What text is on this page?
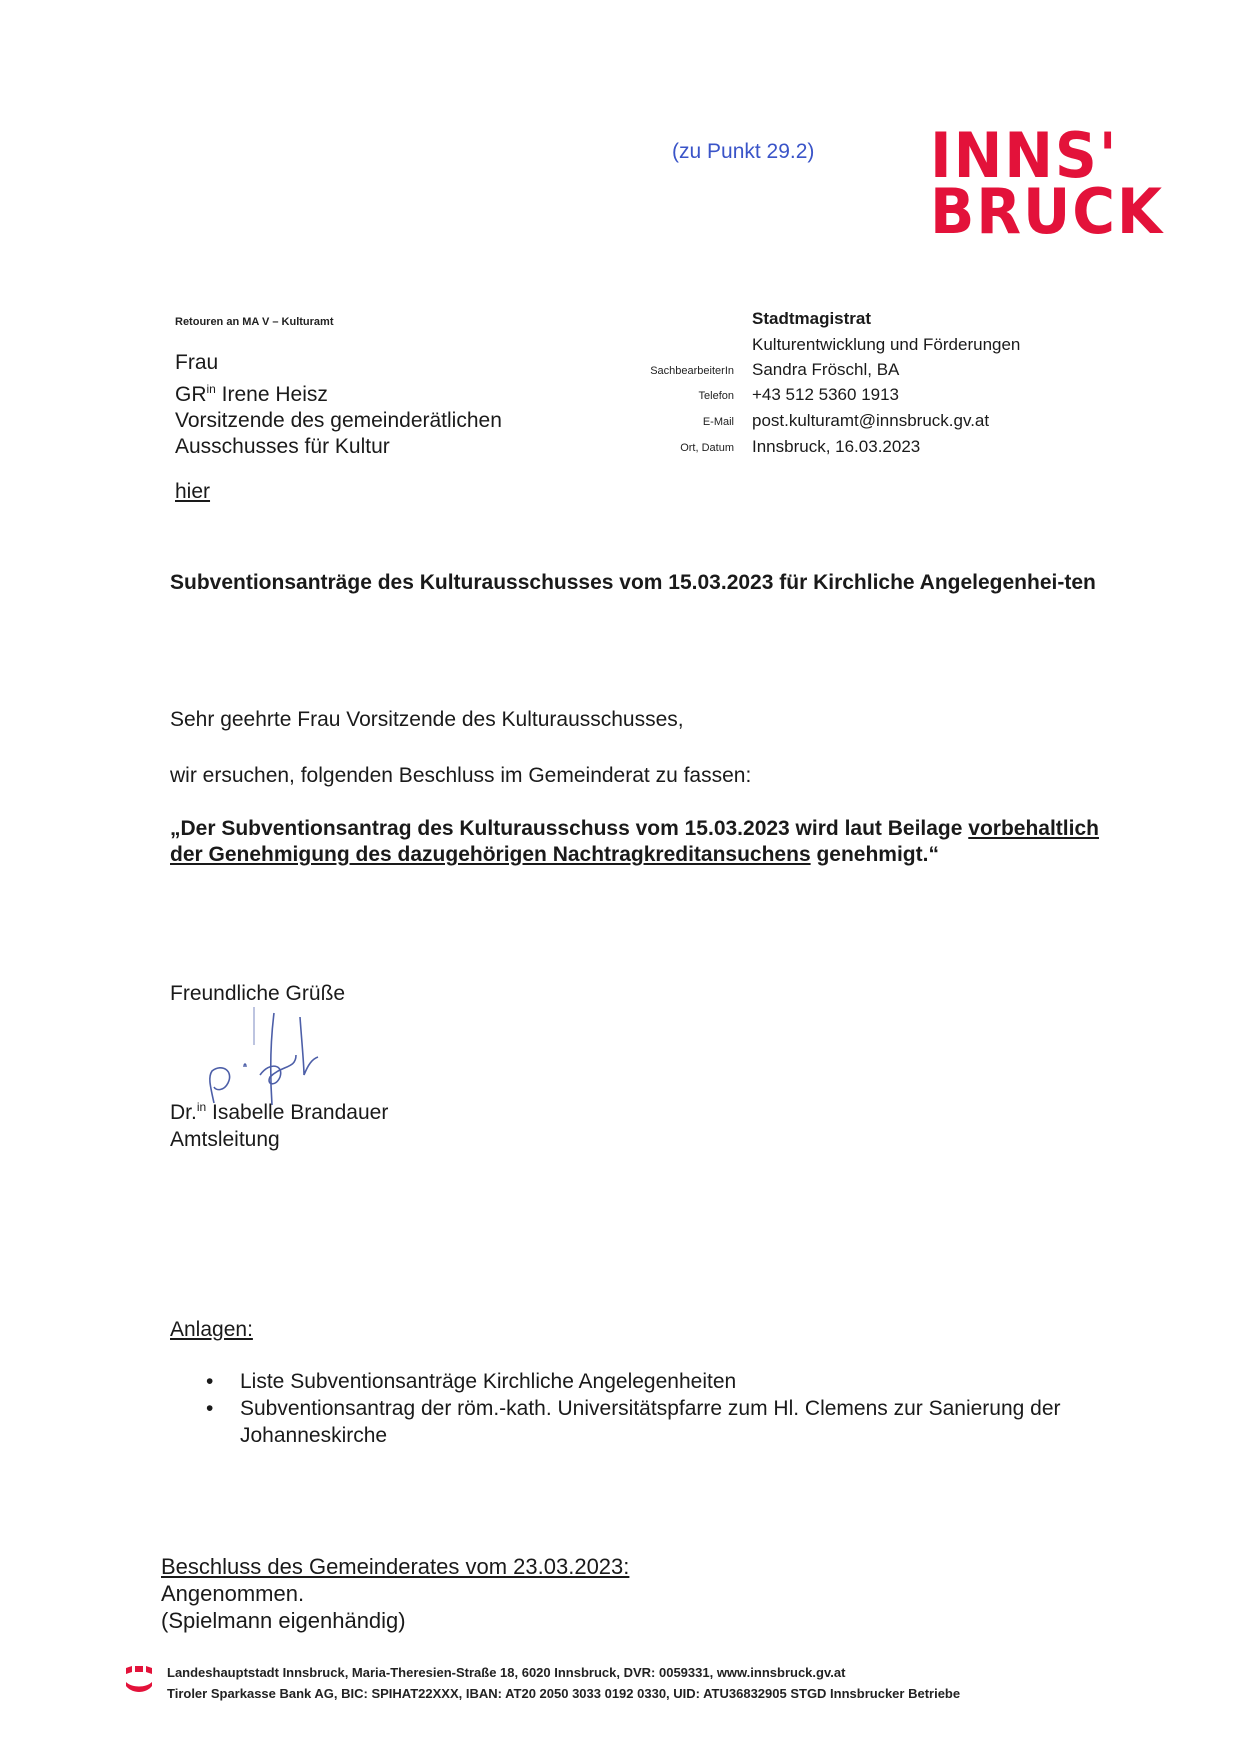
(zu Punkt 29.2) INNS'
BRUCK
Retouren an MA V – Kulturamt
Frau
$GR^{in}$ Irene Heisz
Vorsitzende des gemeinderätlichen
Ausschusses für Kultur
hier
Stadtmagistrat
Kulturentwicklung und Förderungen
SachbearbeiterIn Sandra Fröschl, BA
Telefon +43 512 5360 1913
E-Mail post.kulturamt@innsbruck.gv.at
Ort, Datum Innsbruck, 16.03.2023
Subventionsanträge des Kulturausschusses vom 15.03.2023 für Kirchliche Angelegenhei-ten
Sehr geehrte Frau Vorsitzende des Kulturausschusses,
wir ersuchen, folgenden Beschluss im Gemeinderat zu fassen:
„Der Subventionsantrag des Kulturausschuss vom 15.03.2023 wird laut Beilage vorbehaltlich der Genehmigung des dazugehörigen Nachtragkreditansuchens genehmigt.“
Freundliche Grüße
Dr.$^{in}$ Isabelle Brandauer
Amtsleitung
Anlagen:
• Liste Subventionsanträge Kirchliche Angelegenheiten
• Subventionsantrag der röm.-kath. Universitätspfarre zum Hl. Clemens zur Sanierung der Johanneskirche
Beschluss des Gemeinderates vom 23.03.2023:
Angenommen.
(Spielmann eigenhändig)
Landeshauptstadt Innsbruck, Maria-Theresien-Straße 18, 6020 Innsbruck, DVR: 0059331, www.innsbruck.gv.at
Tiroler Sparkasse Bank AG, BIC: SPIHAT22XXX, IBAN: AT20 2050 3033 0192 0330, UID: ATU36832905 STGD Innsbrucker Betriebe
